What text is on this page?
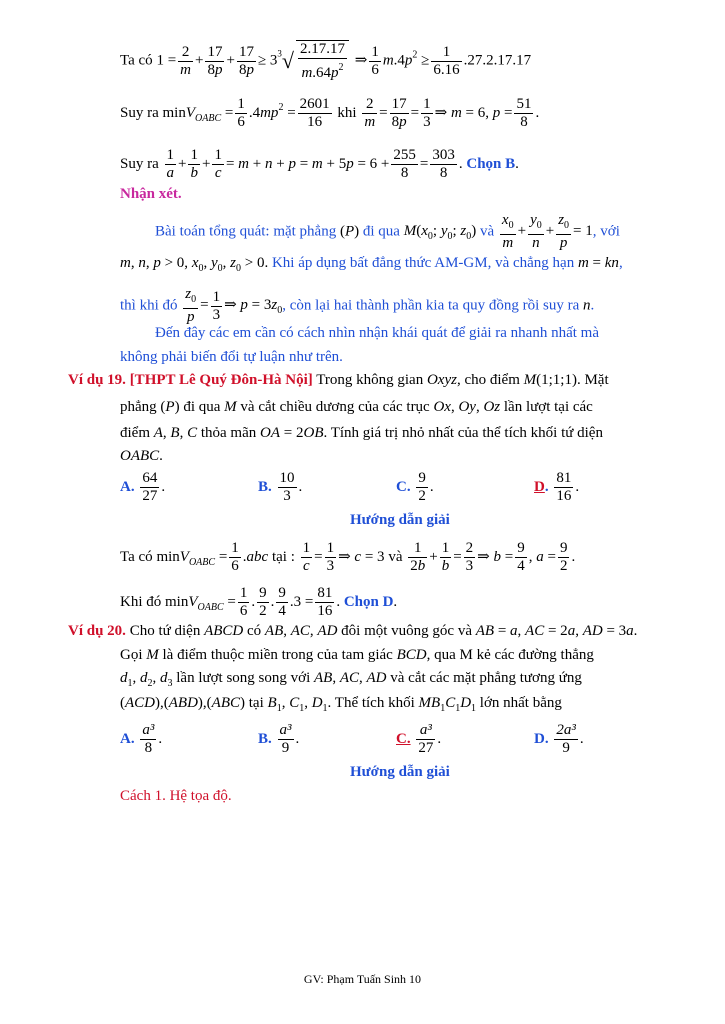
Ta có $1 = \frac{2}{m} + \frac{17}{8p} + \frac{17}{8p} \ge 3^3√ \frac{2.17.17}{m.64p^2}$ ⇒ $\frac{1}{6} m.4p^2 \ge \frac{1}{6.16} .27.2.17.17$
Suy ra $\min V_{OABC} = \frac{1}{6} .4mp^2 = \frac{2601}{16}$ khi $\frac{2}{m} = \frac{17}{8p} = \frac{1}{3}$ ⇒ m = 6, $p = \frac{51}{8}$ .
Suy ra $\frac{1}{a} + \frac{1}{b} + \frac{1}{c} = m + n + p = m + 5p = 6 + \frac{255}{8} = \frac{303}{8}$ . Chọn B.
Nhận xét.
Bài toán tổng quát: mặt phẳng (P) đi qua $M(x_0$; $y_0$; $z_0$) và $\frac{x_0}{m} + \frac{y_0}{n} + \frac{z_0}{p} = 1$, với
m, n, p > 0, $x_0$, $y_0$, $z_0 > 0$. Khi áp dụng bất đẳng thức AM-GM, và chẳng hạn m = kn,
thì khi đó $\frac{z_0}{p} = \frac{1}{3}$ ⇒ $p = 3z_0$, còn lại hai thành phần kia ta quy đồng rồi suy ra n.
Đến đây các em cần có cách nhìn nhận khái quát để giải ra nhanh nhất mà
không phải biến đổi tự luận như trên.
Ví dụ 19. [THPT Lê Quý Đôn-Hà Nội] Trong không gian Oxyz, cho điểm M(1;1;1). Mặt
phẳng (P) đi qua M và cắt chiều dương của các trục Ox, Oy, Oz lần lượt tại các
điểm A, B, C thỏa mãn OA = 2OB. Tính giá trị nhỏ nhất của thể tích khối tứ diện
OABC.
A. $\frac{64}{27}$ .	B. $\frac{10}{3}$ .	C. $\frac{9}{2}$ .	D. $\frac{81}{16}$ .
Hướng dẫn giải
Ta có $\min V_{OABC} = \frac{1}{6} .abc$ tại : $\frac{1}{c} = \frac{1}{3}$ ⇒ c = 3 và $\frac{1}{2b} + \frac{1}{b} = \frac{2}{3}$ ⇒ $b = \frac{9}{4}$ , $a = \frac{9}{2}$ .
Khi đó $\min V_{OABC} = \frac{1}{6}$ . $\frac{9}{2}$ . $\frac{9}{4} .3 = \frac{81}{16}$ . Chọn D.
Ví dụ 20. Cho tứ diện ABCD có AB, AC, AD đôi một vuông góc và AB = a, AC = 2a, AD = 3a.
Gọi M là điểm thuộc miền trong của tam giác BCD, qua M kẻ các đường thẳng
$d_1$, $d_2$, $d_3$ lần lượt song song với AB, AC, AD và cắt các mặt phẳng tương ứng
(ACD),(ABD),(ABC) tại $B_1$, $C_1$, $D_1$. Thể tích khối $MB_1C_1D_1$ lớn nhất bằng
A. $\frac{\text{a³}}{8}$ .	B. $\frac{\text{a³}}{9}$ .	C. $\frac{\text{a³}}{27}$ .	D. $\frac{\text{2a³}}{9}$ .
Hướng dẫn giải
Cách 1. Hệ tọa độ.
GV: Phạm Tuấn Sinh 10
